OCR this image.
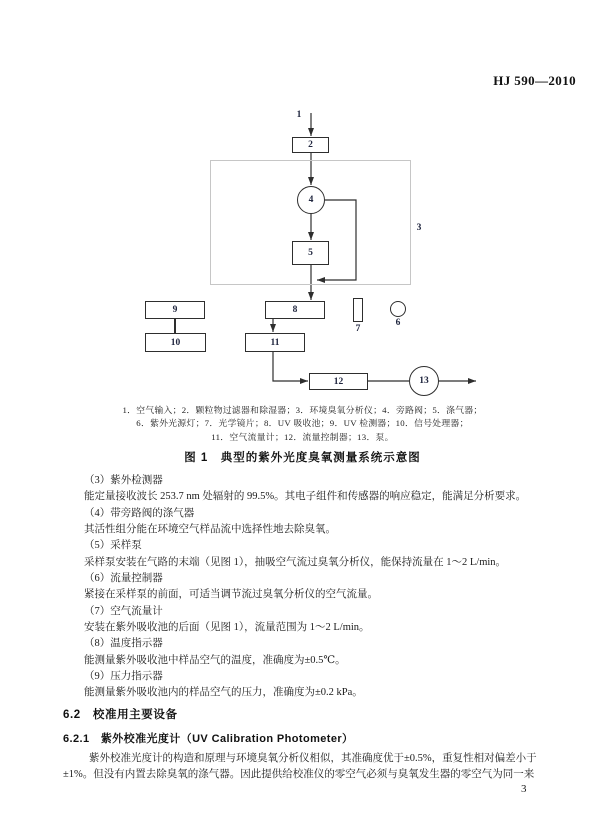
HJ 590—2010
1
3
2
4
5
9
10
8
11
12	13
7
6
1．空气输入；2．颗粒物过滤器和除湿器；3．环境臭氧分析仪；4．旁路阀；5．涤气器；
6．紫外光源灯；7．光学镜片；8．UV 吸收池；9．UV 检测器；10．信号处理器；
11．空气流量计；12．流量控制器；13．泵。
图 1　典型的紫外光度臭氧测量系统示意图
（3）紫外检测器
能定量接收波长 253.7 nm 处辐射的 99.5%。其电子组件和传感器的响应稳定，能满足分析要求。
（4）带旁路阀的涤气器
其活性组分能在环境空气样品流中选择性地去除臭氧。
（5）采样泵
采样泵安装在气路的末端（见图 1），抽吸空气流过臭氧分析仪，能保持流量在 1～2 L/min。
（6）流量控制器
紧接在采样泵的前面，可适当调节流过臭氧分析仪的空气流量。
（7）空气流量计
安装在紫外吸收池的后面（见图 1），流量范围为 1～2 L/min。
（8）温度指示器
能测量紫外吸收池中样品空气的温度，准确度为±0.5℃。
（9）压力指示器
能测量紫外吸收池内的样品空气的压力，准确度为±0.2 kPa。
6.2　校准用主要设备
6.2.1　紫外校准光度计（UV Calibration Photometer）
紫外校准光度计的构造和原理与环境臭氧分析仪相似，其准确度优于±0.5%，重复性相对偏差小于
±1%。但没有内置去除臭氧的涤气器。因此提供给校准仪的零空气必须与臭氧发生器的零空气为同一来
3
